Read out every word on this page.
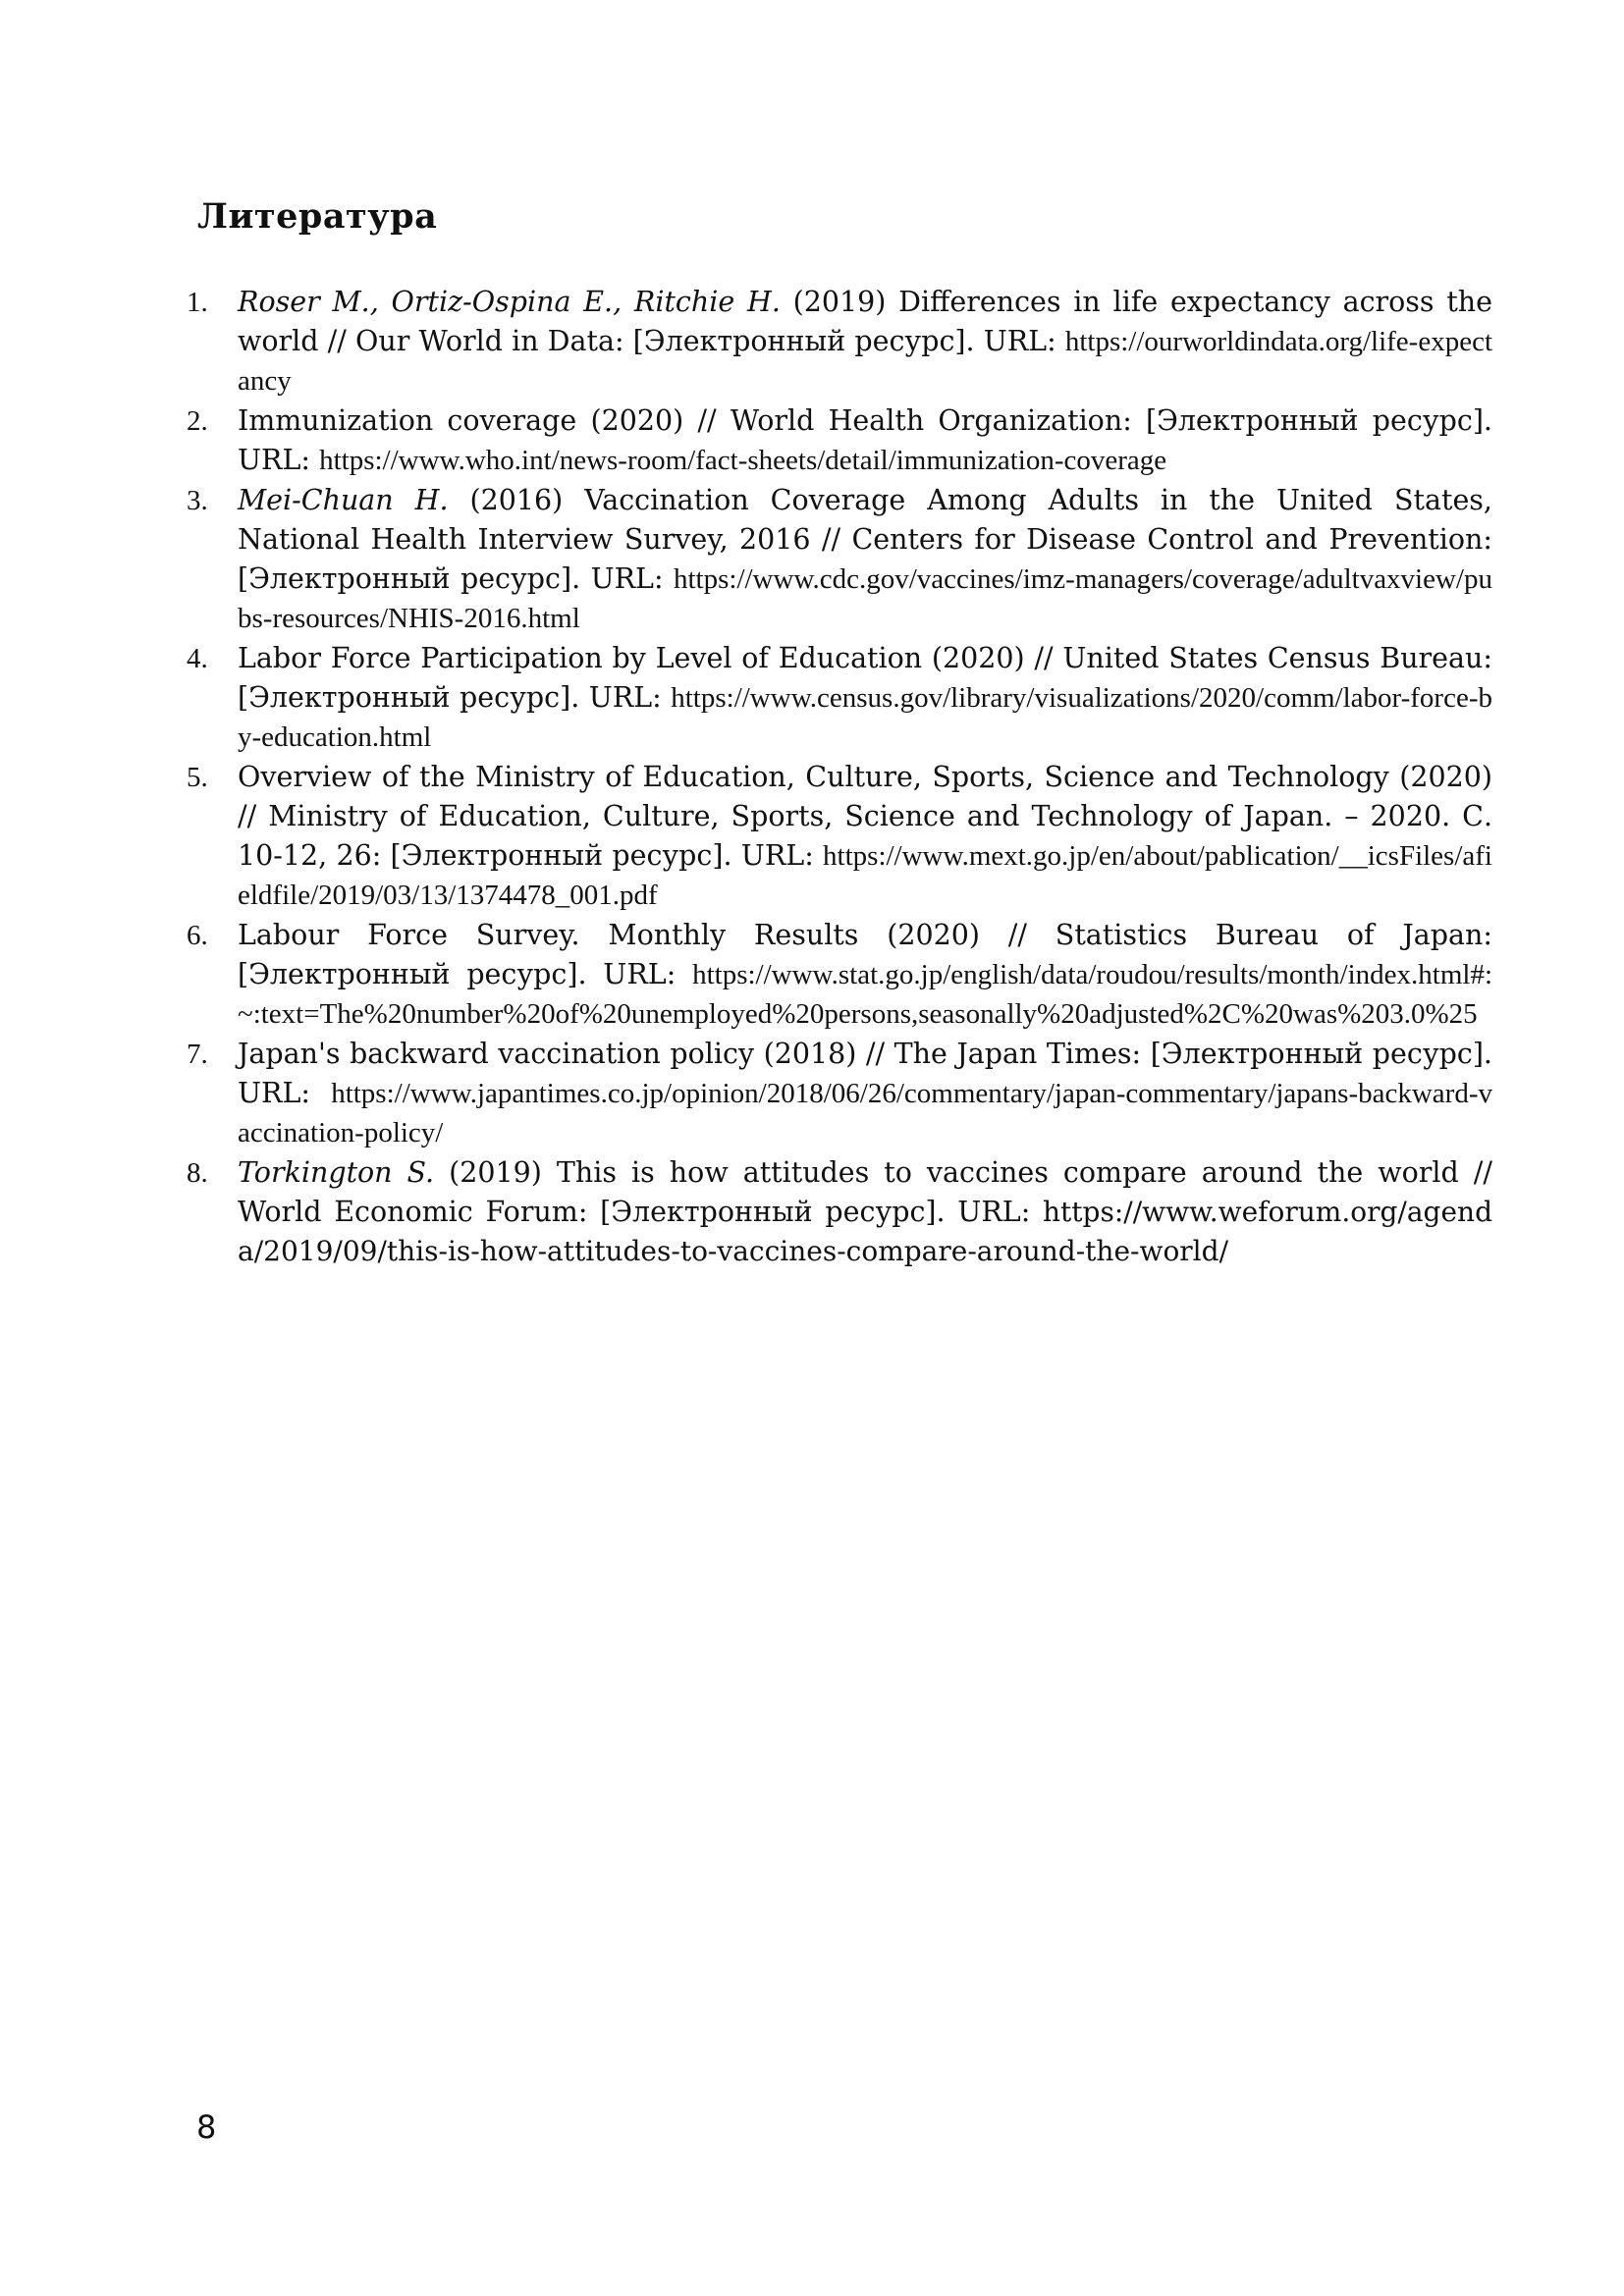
Литература
1. Roser M., Ortiz-Ospina E., Ritchie H. (2019) Differences in life expectancy across the world // Our World in Data: [Электронный ресурс]. URL: https://ourworldindata.org/life-expectancy
2. Immunization coverage (2020) // World Health Organization: [Электронный ресурс]. URL: https://www.who.int/news-room/fact-sheets/detail/immunization-coverage
3. Mei-Chuan H. (2016) Vaccination Coverage Among Adults in the United States, National Health Interview Survey, 2016 // Centers for Disease Control and Prevention: [Электронный ресурс]. URL: https://www.cdc.gov/vaccines/imz-managers/coverage/adultvaxview/pubs-resources/NHIS-2016.html
4. Labor Force Participation by Level of Education (2020) // United States Census Bureau: [Электронный ресурс]. URL: https://www.census.gov/library/visualizations/2020/comm/labor-force-by-education.html
5. Overview of the Ministry of Education, Culture, Sports, Science and Technology (2020) // Ministry of Education, Culture, Sports, Science and Technology of Japan. – 2020. С. 10-12, 26: [Электронный ресурс]. URL: https://www.mext.go.jp/en/about/pablication/__icsFiles/afieldfile/2019/03/13/1374478_001.pdf
6. Labour Force Survey. Monthly Results (2020) // Statistics Bureau of Japan: [Электронный ресурс]. URL: https://www.stat.go.jp/english/data/roudou/results/month/index.html#:~:text=The%20number%20of%20unemployed%20persons,seasonally%20adjusted%2C%20was%203.0%25
7. Japan's backward vaccination policy (2018) // The Japan Times: [Электронный ресурс]. URL: https://www.japantimes.co.jp/opinion/2018/06/26/commentary/japan-commentary/japans-backward-vaccination-policy/
8. Torkington S. (2019) This is how attitudes to vaccines compare around the world // World Economic Forum: [Электронный ресурс]. URL: https://www.weforum.org/agenda/2019/09/this-is-how-attitudes-to-vaccines-compare-around-the-world/
8
